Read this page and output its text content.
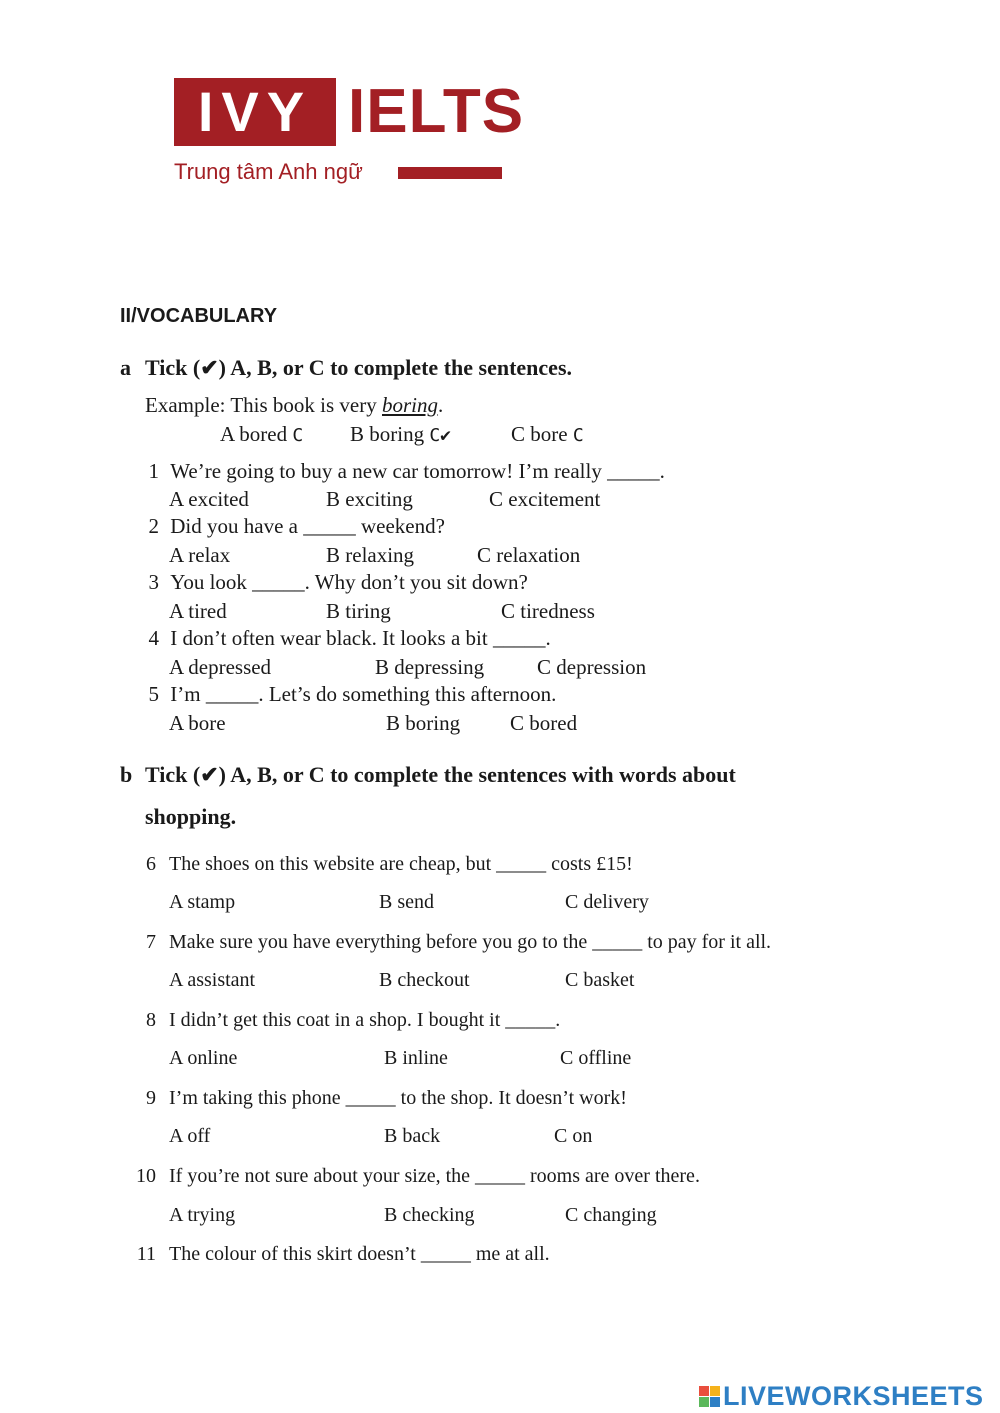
IVY IELTS
Trung tâm Anh ngữ
II/VOCABULARY
a Tick (✔) A, B, or C to complete the sentences.
Example: This book is very boring.
A bored C B boring C✔	C bore C
1 We’re going to buy a new car tomorrow! I’m really _____.
A excited	B exciting	C excitement
2 Did you have a _____ weekend?
A relax	B relaxing	C relaxation
3 You look _____. Why don’t you sit down?
A tired	B tiring	C tiredness
4 I don’t often wear black. It looks a bit _____.
A depressed	B depressing	C depression
5 I’m _____. Let’s do something this afternoon.
A bore	B boring C bored
b Tick (✔) A, B, or C to complete the sentences with words about
shopping.
6 The shoes on this website are cheap, but _____ costs £15!
A stamp	B send	C delivery
7 Make sure you have everything before you go to the _____ to pay for it all.
A assistant	B checkout	C basket
8 I didn’t get this coat in a shop. I bought it _____.
A online	B inline	C offline
9 I’m taking this phone _____ to the shop. It doesn’t work!
A off	B back	C on
10 If you’re not sure about your size, the _____ rooms are over there.
A trying	B checking	C changing
11 The colour of this skirt doesn’t _____ me at all.
LIVEWORKSHEETS
